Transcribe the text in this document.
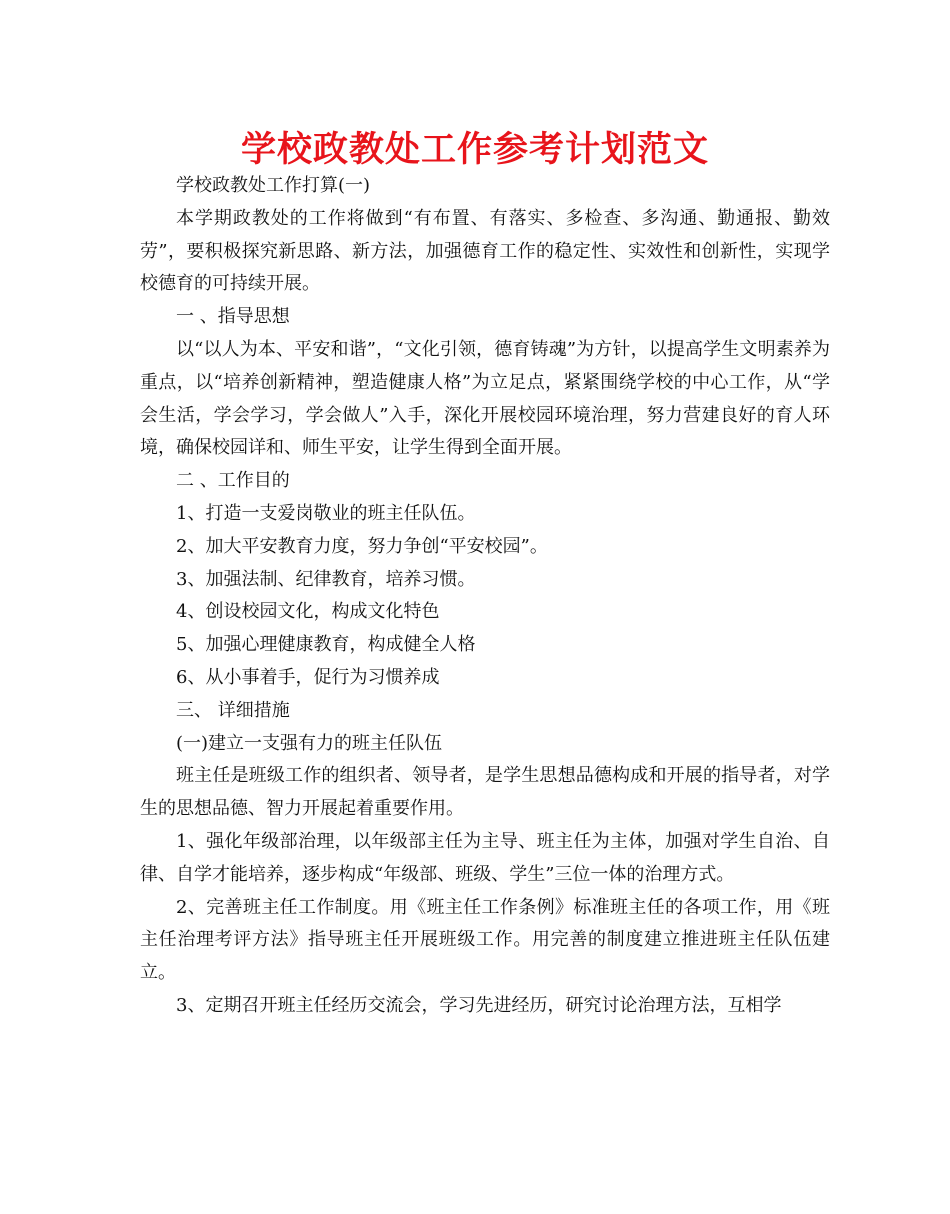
学校政教处工作参考计划范文

学校政教处工作打算(一)

本学期政教处的工作将做到“有布置、有落实、多检查、多沟通、勤通报、勤效劳”，要积极探究新思路、新方法，加强德育工作的稳定性、实效性和创新性，实现学校德育的可持续开展。

一 、指导思想

以“以人为本、平安和谐”，“文化引领，德育铸魂”为方针，以提高学生文明素养为重点，以“培养创新精神，塑造健康人格”为立足点，紧紧围绕学校的中心工作，从“学会生活，学会学习，学会做人”入手，深化开展校园环境治理，努力营建良好的育人环境，确保校园详和、师生平安，让学生得到全面开展。

二 、工作目的

1、打造一支爱岗敬业的班主任队伍。

2、加大平安教育力度，努力争创“平安校园”。

3、加强法制、纪律教育，培养习惯。

4、创设校园文化，构成文化特色

5、加强心理健康教育，构成健全人格

6、从小事着手，促行为习惯养成

三、 详细措施

(一)建立一支强有力的班主任队伍

班主任是班级工作的组织者、领导者，是学生思想品德构成和开展的指导者，对学生的思想品德、智力开展起着重要作用。

1、强化年级部治理，以年级部主任为主导、班主任为主体，加强对学生自治、自律、自学才能培养，逐步构成“年级部、班级、学生”三位一体的治理方式。

2、完善班主任工作制度。用《班主任工作条例》标准班主任的各项工作，用《班主任治理考评方法》指导班主任开展班级工作。用完善的制度建立推进班主任队伍建立。

3、定期召开班主任经历交流会，学习先进经历，研究讨论治理方法，互相学
